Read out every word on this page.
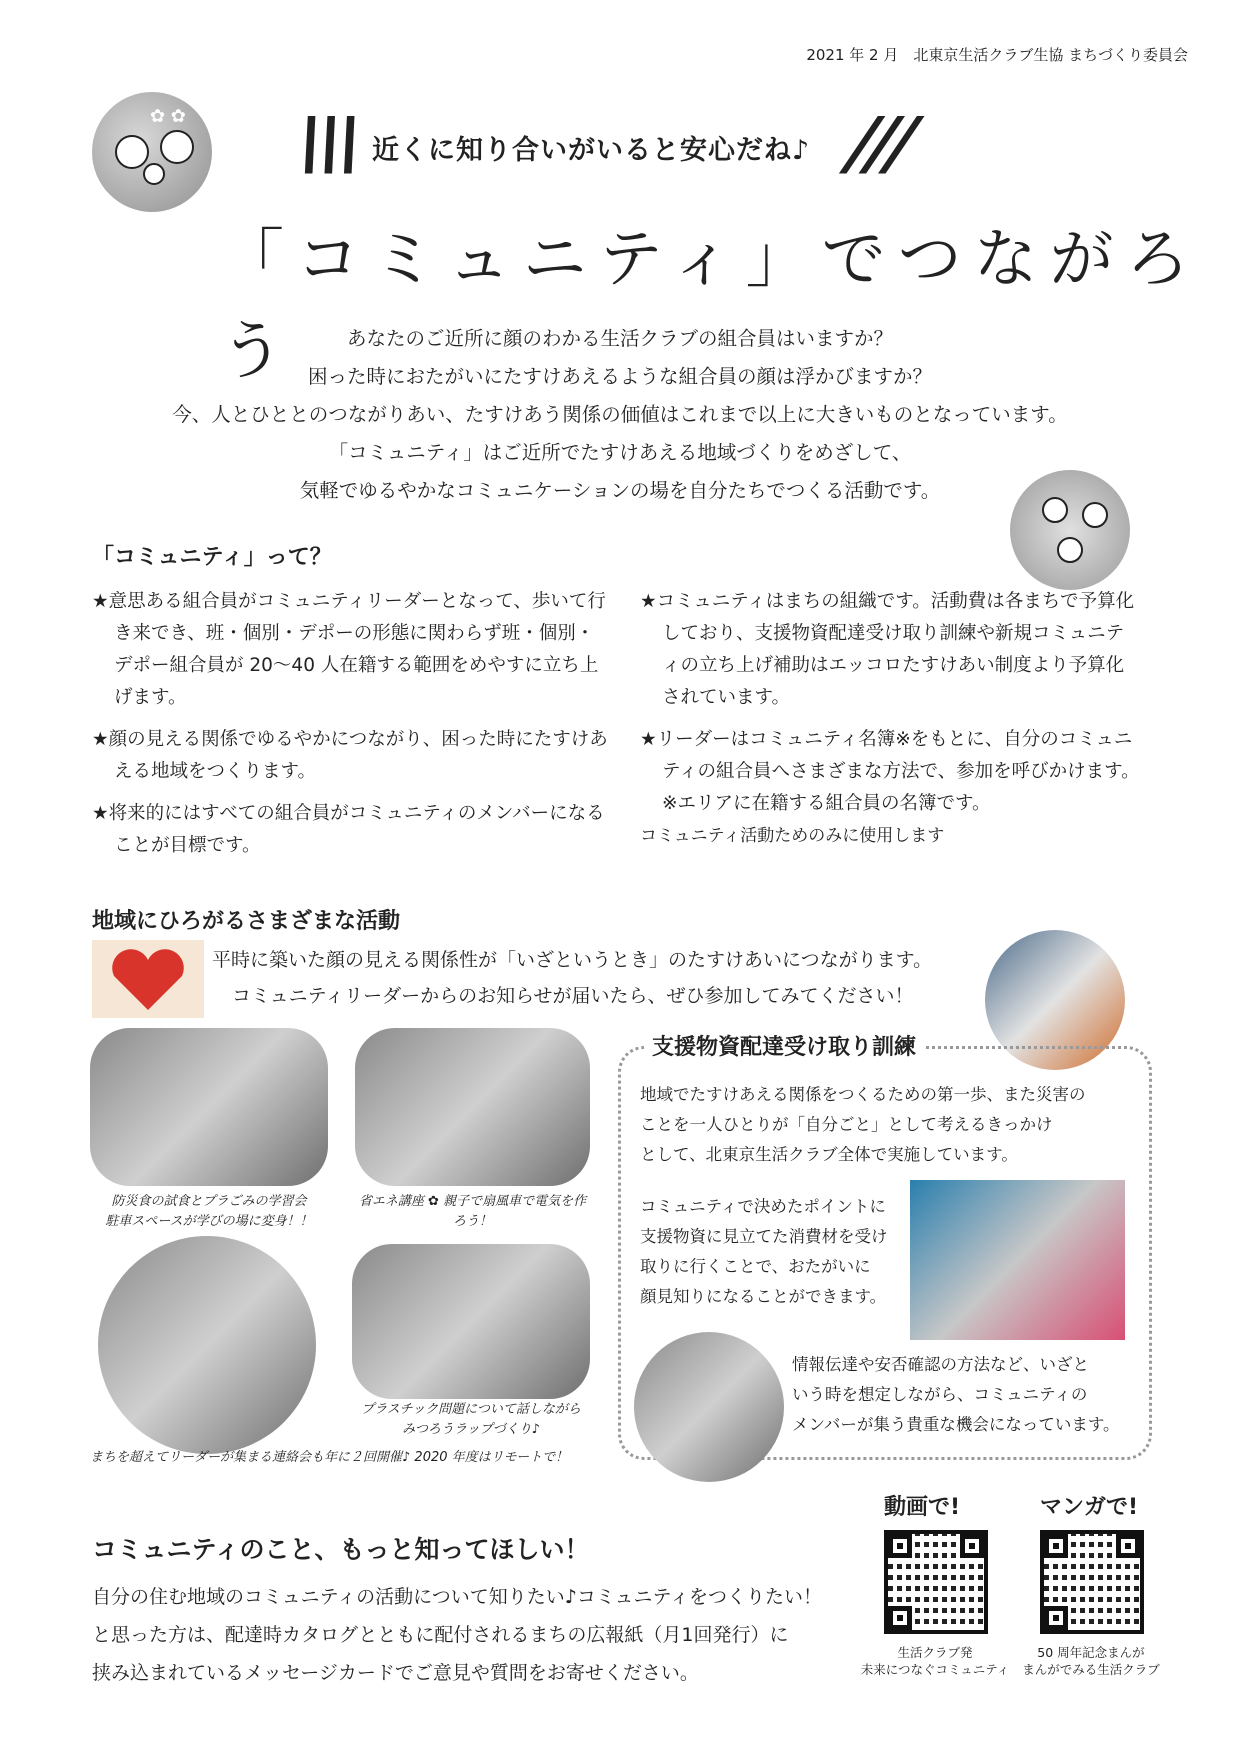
2021 年 2 月　北東京生活クラブ生協 まちづくり委員会
✿ ✿ \\\	///
近くに知り合いがいると安心だね♪
「コミュニティ」でつながろう	あなたのご近所に顔のわかる生活クラブの組合員はいますか？
困った時におたがいにたすけあえるような組合員の顔は浮かびますか？
今、人とひととのつながりあい、たすけあう関係の価値はこれまで以上に大きいものとなっています。
「コミュニティ」はご近所でたすけあえる地域づくりをめざして、
気軽でゆるやかなコミュニケーションの場を自分たちでつくる活動です。
「コミュニティ」って？

★意思ある組合員がコミュニティリーダーとなって、歩いて行き来でき、班・個別・デポーの形態に関わらず班・個別・デポー組合員が 20〜40 人在籍する範囲をめやすに立ち上げます。

★顔の見える関係でゆるやかにつながり、困った時にたすけあえる地域をつくります。

★将来的にはすべての組合員がコミュニティのメンバーになることが目標です。

★コミュニティはまちの組織です。活動費は各まちで予算化しており、支援物資配達受け取り訓練や新規コミュニティの立ち上げ補助はエッコロたすけあい制度より予算化されています。

★リーダーはコミュニティ名簿※をもとに、自分のコミュニティの組合員へさまざまな方法で、参加を呼びかけます。※エリアに在籍する組合員の名簿です。

コミュニティ活動ためのみに使用します

地域にひろがるさまざまな活動
平時に築いた顔の見える関係性が「いざというとき」のたすけあいにつながります。
コミュニティリーダーからのお知らせが届いたら、ぜひ参加してみてください！
防災食の試食とプラごみの学習会
駐車スペースが学びの場に変身！！
省エネ講座 ✿ 親子で扇風車で電気を作ろう！
プラスチック問題について話しながら
みつろうラップづくり♪
まちを超えてリーダーが集まる連絡会も年に２回開催♪ 2020 年度はリモートで！
支援物資配達受け取り訓練
地域でたすけあえる関係をつくるための第一歩、また災害の
ことを一人ひとりが「自分ごと」として考えるきっかけ
として、北東京生活クラブ全体で実施しています。
コミュニティで決めたポイントに
支援物資に見立てた消費材を受け
取りに行くことで、おたがいに
顔見知りになることができます。
情報伝達や安否確認の方法など、いざと
いう時を想定しながら、コミュニティの
メンバーが集う貴重な機会になっています。
コミュニティのこと、もっと知ってほしい！
自分の住む地域のコミュニティの活動について知りたい♪コミュニティをつくりたい！
と思った方は、配達時カタログとともに配付されるまちの広報紙（月1回発行）に
挟み込まれているメッセージカードでご意見や質問をお寄せください。
動画で!	マンガで!
生活クラブ発
未来につなぐコミュニティ
50 周年記念まんが
まんがでみる生活クラブ
